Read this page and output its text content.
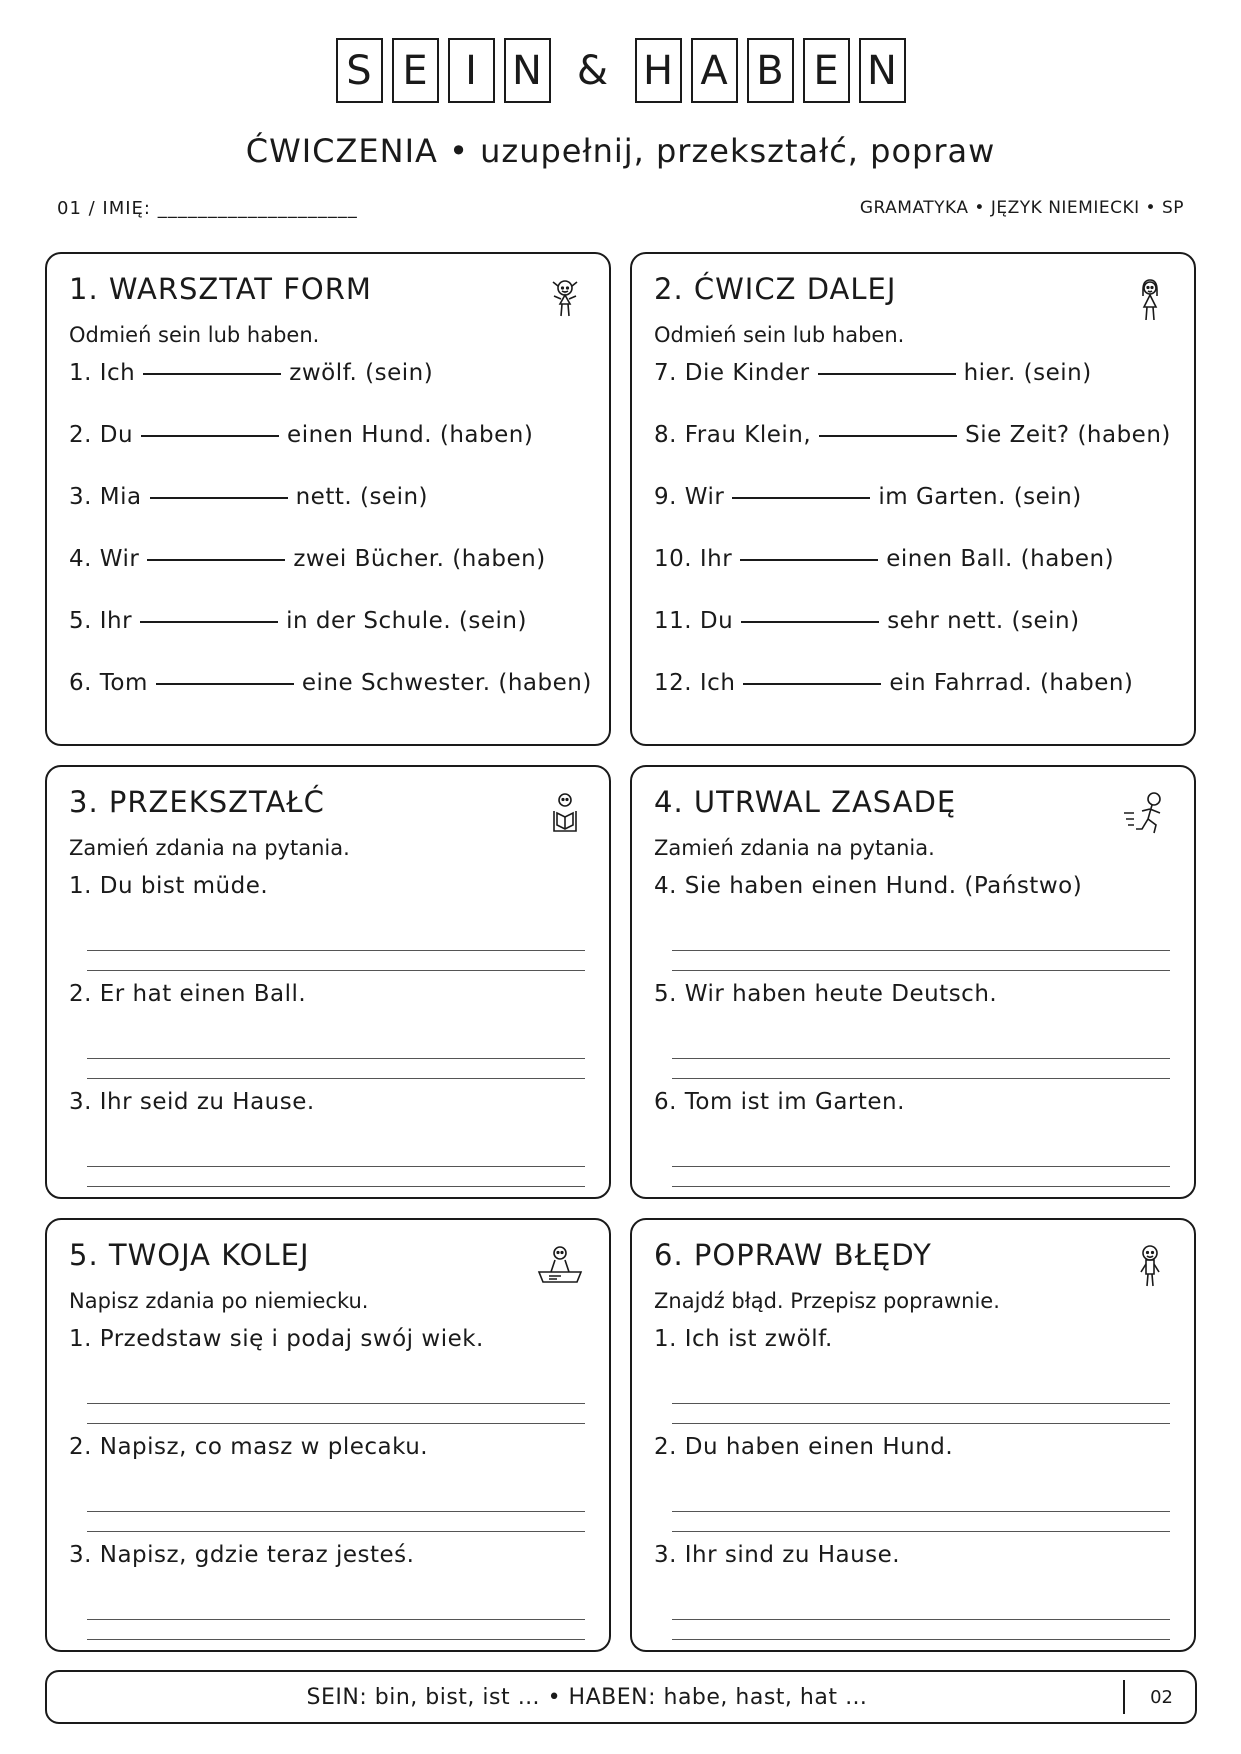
S E I N & H A B E N
ĆWICZENIA • uzupełnij, przekształć, popraw
01 / IMIĘ: ____________________	GRAMATYKA • JĘZYK NIEMIECKI • SP
1. WARSZTAT FORM
Odmień sein lub haben.
1. Ich	zwölf. (sein)
2. Du	einen Hund. (haben)
3. Mia	nett. (sein)
4. Wir	zwei Bücher. (haben)
5. Ihr	in der Schule. (sein)
6. Tom	eine Schwester. (haben)
2. ĆWICZ DALEJ
Odmień sein lub haben.
7. Die Kinder	hier. (sein)
8. Frau Klein,	Sie Zeit? (haben)
9. Wir	im Garten. (sein)
10. Ihr	einen Ball. (haben)
11. Du	sehr nett. (sein)
12. Ich	ein Fahrrad. (haben)
3. PRZEKSZTAŁĆ
Zamień zdania na pytania.
1. Du bist müde.
2. Er hat einen Ball.
3. Ihr seid zu Hause.
4. UTRWAL ZASADĘ
Zamień zdania na pytania.
4. Sie haben einen Hund. (Państwo)
5. Wir haben heute Deutsch.
6. Tom ist im Garten.
5. TWOJA KOLEJ
Napisz zdania po niemiecku.
1. Przedstaw się i podaj swój wiek.
2. Napisz, co masz w plecaku.
3. Napisz, gdzie teraz jesteś.
6. POPRAW BŁĘDY
Znajdź błąd. Przepisz poprawnie.
1. Ich ist zwölf.
2. Du haben einen Hund.
3. Ihr sind zu Hause.
SEIN: bin, bist, ist … • HABEN: habe, hast, hat …	02
